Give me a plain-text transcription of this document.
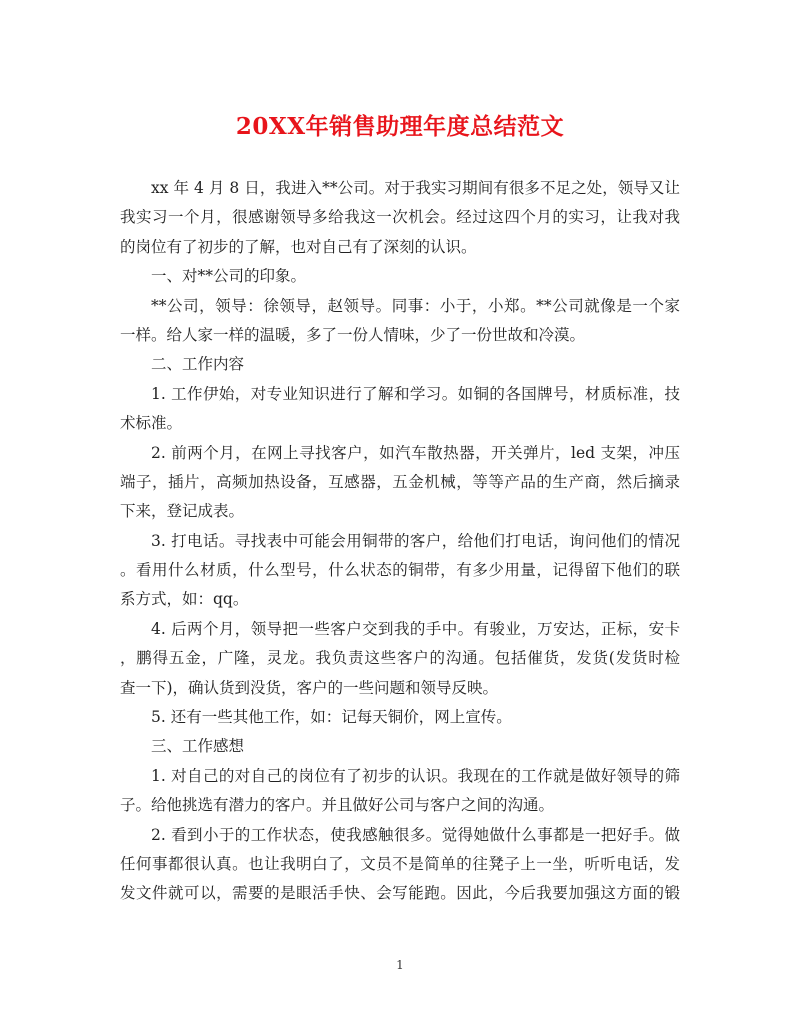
20XX年销售助理年度总结范文
xx 年 4 月 8 日，我进入**公司。对于我实习期间有很多不足之处，领导又让
我实习一个月，很感谢领导多给我这一次机会。经过这四个月的实习，让我对我
的岗位有了初步的了解，也对自己有了深刻的认识。
一、对**公司的印象。
**公司，领导：徐领导，赵领导。同事：小于，小郑。**公司就像是一个家
一样。给人家一样的温暖，多了一份人情味，少了一份世故和冷漠。
二、工作内容
1. 工作伊始，对专业知识进行了解和学习。如铜的各国牌号，材质标准，技
术标准。
2. 前两个月，在网上寻找客户，如汽车散热器，开关弹片，led 支架，冲压
端子，插片，高频加热设备，互感器，五金机械，等等产品的生产商，然后摘录
下来，登记成表。
3. 打电话。寻找表中可能会用铜带的客户，给他们打电话，询问他们的情况
。看用什么材质，什么型号，什么状态的铜带，有多少用量，记得留下他们的联
系方式，如：qq。
4. 后两个月，领导把一些客户交到我的手中。有骏业，万安达，正标，安卡
，鹏得五金，广隆，灵龙。我负责这些客户的沟通。包括催货，发货(发货时检
查一下)，确认货到没货，客户的一些问题和领导反映。
5. 还有一些其他工作，如：记每天铜价，网上宣传。
三、工作感想
1. 对自己的对自己的岗位有了初步的认识。我现在的工作就是做好领导的筛
子。给他挑选有潜力的客户。并且做好公司与客户之间的沟通。
2. 看到小于的工作状态，使我感触很多。觉得她做什么事都是一把好手。做
任何事都很认真。也让我明白了，文员不是简单的往凳子上一坐，听听电话，发
发文件就可以，需要的是眼活手快、会写能跑。因此，今后我要加强这方面的锻
1
